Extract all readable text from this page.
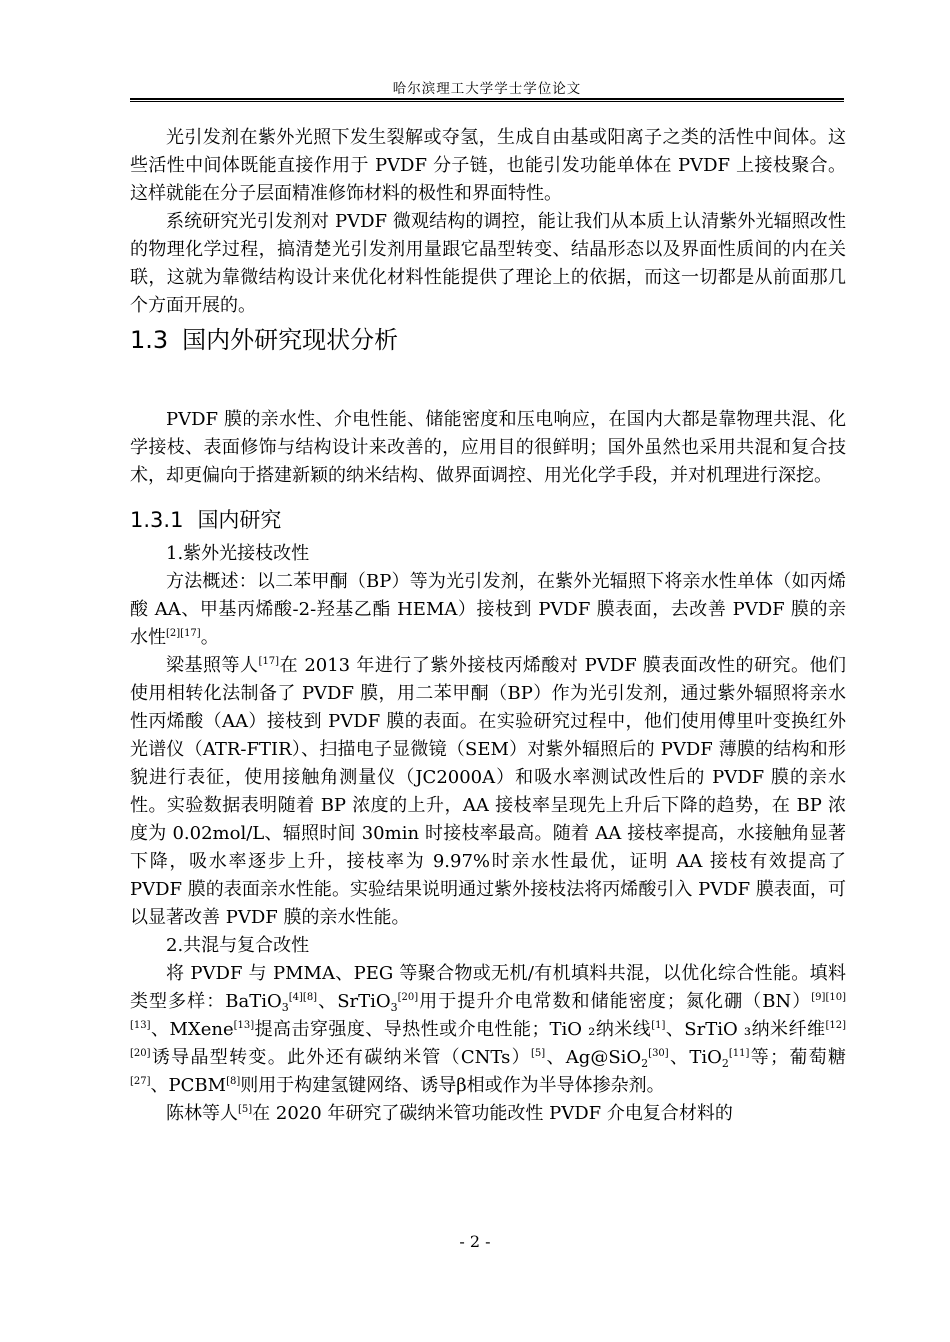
哈尔滨理工大学学士学位论文

光引发剂在紫外光照下发生裂解或夺氢，生成自由基或阳离子之类的活性中间体。这些活性中间体既能直接作用于 PVDF 分子链，也能引发功能单体在 PVDF 上接枝聚合。这样就能在分子层面精准修饰材料的极性和界面特性。

系统研究光引发剂对 PVDF 微观结构的调控，能让我们从本质上认清紫外光辐照改性的物理化学过程，搞清楚光引发剂用量跟它晶型转变、结晶形态以及界面性质间的内在关联，这就为靠微结构设计来优化材料性能提供了理论上的依据，而这一切都是从前面那几个方面开展的。

1.3 国内外研究现状分析

PVDF 膜的亲水性、介电性能、储能密度和压电响应，在国内大都是靠物理共混、化学接枝、表面修饰与结构设计来改善的，应用目的很鲜明；国外虽然也采用共混和复合技术，却更偏向于搭建新颖的纳米结构、做界面调控、用光化学手段，并对机理进行深挖。

1.3.1 国内研究

1.紫外光接枝改性

方法概述：以二苯甲酮（BP）等为光引发剂，在紫外光辐照下将亲水性单体（如丙烯酸 AA、甲基丙烯酸-2-羟基乙酯 HEMA）接枝到 PVDF 膜表面，去改善 PVDF 膜的亲水性[2][17]。

梁基照等人[17]在 2013 年进行了紫外接枝丙烯酸对 PVDF 膜表面改性的研究。他们使用相转化法制备了 PVDF 膜，用二苯甲酮（BP）作为光引发剂，通过紫外辐照将亲水性丙烯酸（AA）接枝到 PVDF 膜的表面。在实验研究过程中，他们使用傅里叶变换红外光谱仪（ATR-FTIR）、扫描电子显微镜（SEM）对紫外辐照后的 PVDF 薄膜的结构和形貌进行表征，使用接触角测量仪（JC2000A）和吸水率测试改性后的 PVDF 膜的亲水性。实验数据表明随着 BP 浓度的上升，AA 接枝率呈现先上升后下降的趋势，在 BP 浓度为 0.02mol/L、辐照时间 30min 时接枝率最高。随着 AA 接枝率提高，水接触角显著下降，吸水率逐步上升，接枝率为 9.97%时亲水性最优，证明 AA 接枝有效提高了 PVDF 膜的表面亲水性能。实验结果说明通过紫外接枝法将丙烯酸引入 PVDF 膜表面，可以显著改善 PVDF 膜的亲水性能。

2.共混与复合改性

将 PVDF 与 PMMA、PEG 等聚合物或无机/有机填料共混，以优化综合性能。填料类型多样：BaTiO$_3$[4][8]、SrTiO$_3$[20]用于提升介电常数和储能密度；氮化硼（BN）[9][10][13]、MXene[13]提高击穿强度、导热性或介电性能；TiO ₂纳米线[1]、SrTiO ₃纳米纤维[12][20]诱导晶型转变。此外还有碳纳米管（CNTs）[5]、Ag@SiO$_2$[30]、TiO$_2$[11]等；葡萄糖[27]、PCBM[8]则用于构建氢键网络、诱导β相或作为半导体掺杂剂。

陈林等人[5]在 2020 年研究了碳纳米管功能改性 PVDF 介电复合材料的

- 2 -
